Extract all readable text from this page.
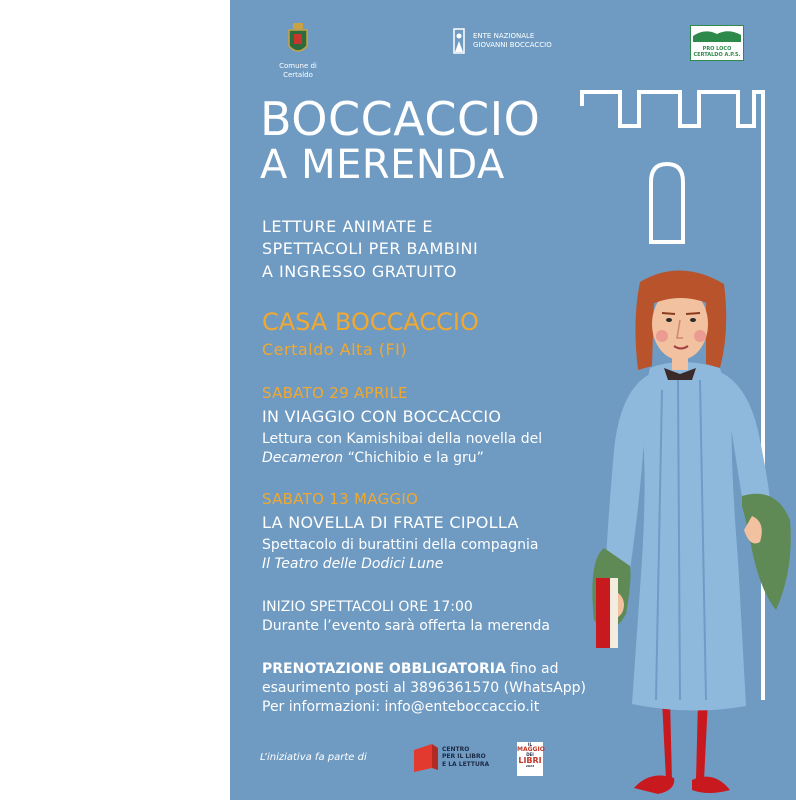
Comune di Certaldo
ENTE NAZIONALE
GIOVANNI BOCCACCIO	PRO LOCO
CERTALDO A.P.S.
BOCCACCIO
A MERENDA
LETTURE ANIMATE E
SPETTACOLI PER BAMBINI
A INGRESSO GRATUITO
CASA BOCCACCIO
Certaldo Alta (FI)
SABATO 29 APRILE
IN VIAGGIO CON BOCCACCIO
Lettura con Kamishibai della novella del
Decameron “Chichibio e la gru”
SABATO 13 MAGGIO
LA NOVELLA DI FRATE CIPOLLA
Spettacolo di burattini della compagnia
Il Teatro delle Dodici Lune
INIZIO SPETTACOLI ORE 17:00
Durante l’evento sarà offerta la merenda
PRENOTAZIONE OBBLIGATORIA fino ad
esaurimento posti al 3896361570 (WhatsApp)
Per informazioni: info@enteboccaccio.it
L’iniziativa fa parte di
CENTRO
PER IL LIBRO
E LA LETTURA
IL
MAGGIO
DEI
LIBRI
2023
